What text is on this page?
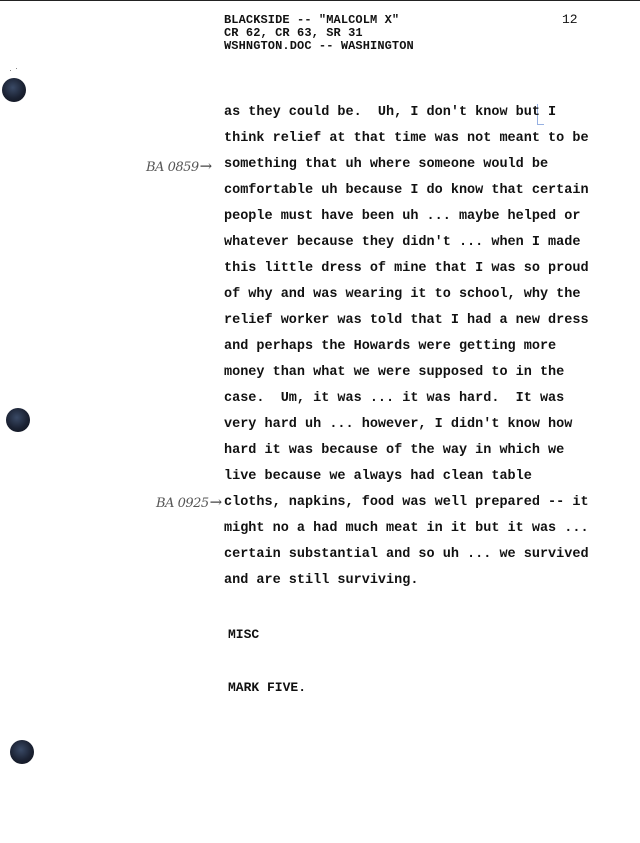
BLACKSIDE -- "MALCOLM X"
CR 62, CR 63, SR 31
WSHNGTON.DOC -- WASHINGTON
12
BA 0859→
BA 0925→
as they could be.  Uh, I don't know but I
think relief at that time was not meant to be
something that uh where someone would be
comfortable uh because I do know that certain
people must have been uh ... maybe helped or
whatever because they didn't ... when I made
this little dress of mine that I was so proud
of why and was wearing it to school, why the
relief worker was told that I had a new dress
and perhaps the Howards were getting more
money than what we were supposed to in the
case.  Um, it was ... it was hard.  It was
very hard uh ... however, I didn't know how
hard it was because of the way in which we
live because we always had clean table
cloths, napkins, food was well prepared -- it
might no a had much meat in it but it was ...
certain substantial and so uh ... we survived
and are still surviving.
MISC
MARK FIVE.
